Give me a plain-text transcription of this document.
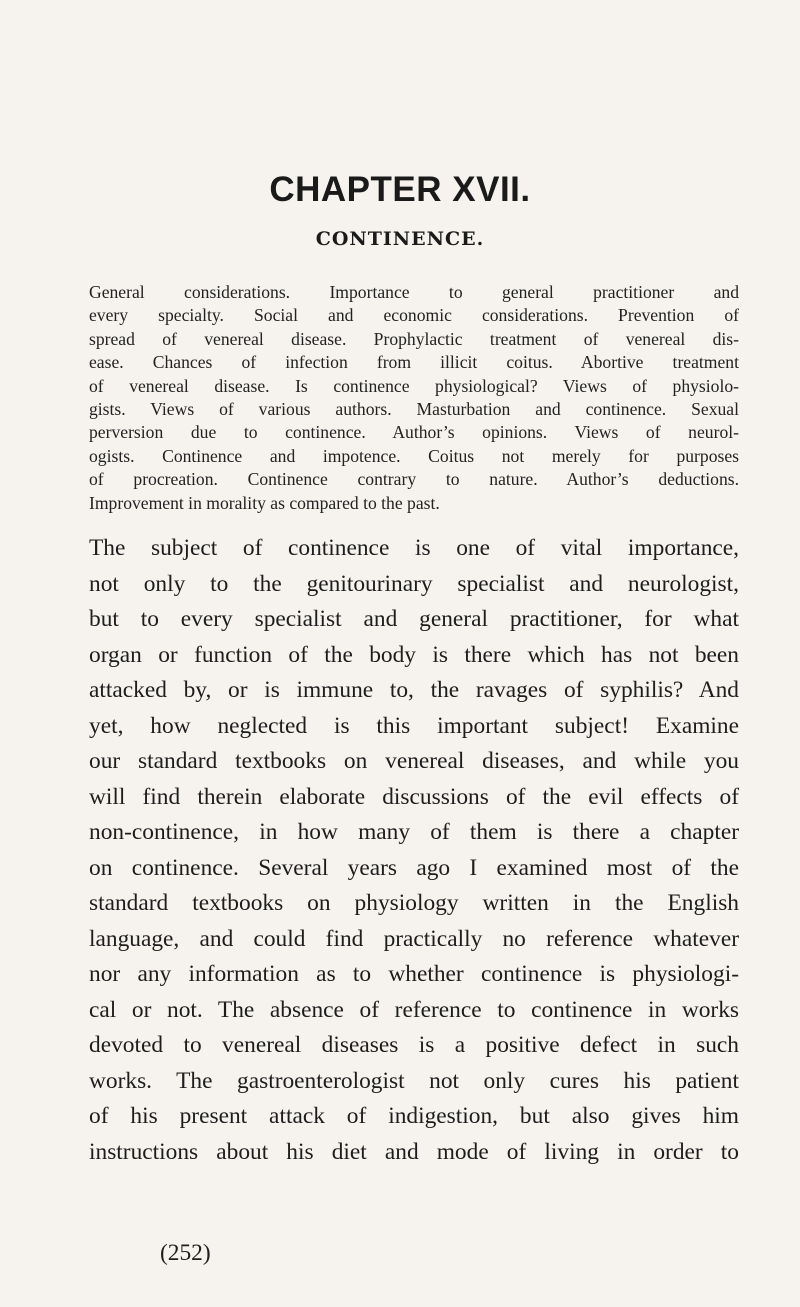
CHAPTER XVII.
CONTINENCE.
General considerations. Importance to general practitioner and
every specialty. Social and economic considerations. Prevention of
spread of venereal disease. Prophylactic treatment of venereal dis-
ease. Chances of infection from illicit coitus. Abortive treatment
of venereal disease. Is continence physiological? Views of physiolo-
gists. Views of various authors. Masturbation and continence. Sexual
perversion due to continence. Author’s opinions. Views of neurol-
ogists. Continence and impotence. Coitus not merely for purposes
of procreation. Continence contrary to nature. Author’s deductions.
Improvement in morality as compared to the past.
The subject of continence is one of vital importance,
not only to the genitourinary specialist and neurologist,
but to every specialist and general practitioner, for what
organ or function of the body is there which has not been
attacked by, or is immune to, the ravages of syphilis? And
yet, how neglected is this important subject! Examine
our standard textbooks on venereal diseases, and while you
will find therein elaborate discussions of the evil effects of
non-continence, in how many of them is there a chapter
on continence. Several years ago I examined most of the
standard textbooks on physiology written in the English
language, and could find practically no reference whatever
nor any information as to whether continence is physiologi-
cal or not. The absence of reference to continence in works
devoted to venereal diseases is a positive defect in such
works. The gastroenterologist not only cures his patient
of his present attack of indigestion, but also gives him
instructions about his diet and mode of living in order to
(252)
